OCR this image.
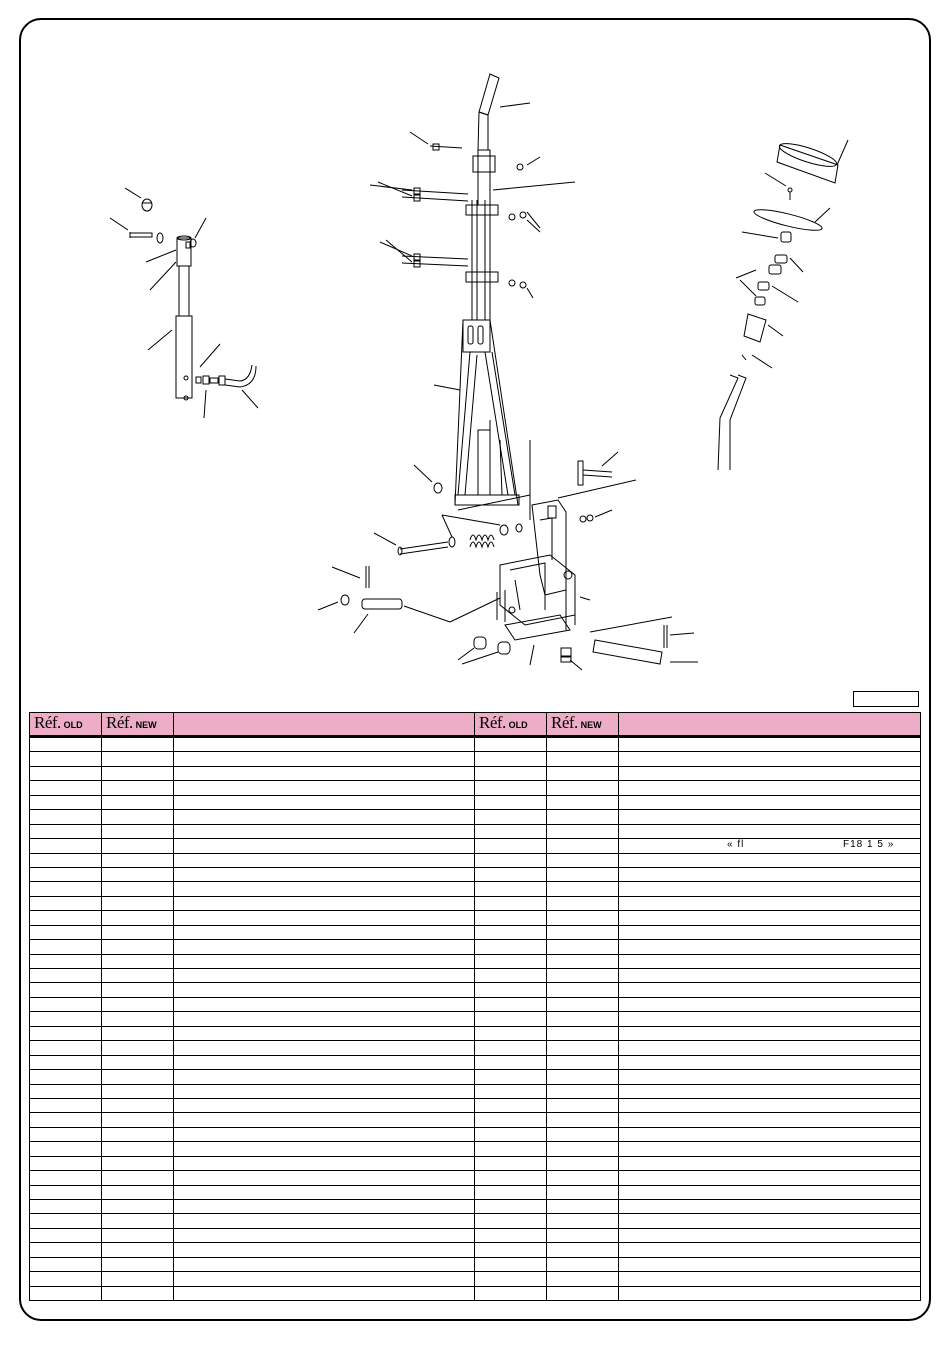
Réf. OLD	Réf. NEW		Réf. OLD	Réf. NEW	

					« fl F18 1 5 »
